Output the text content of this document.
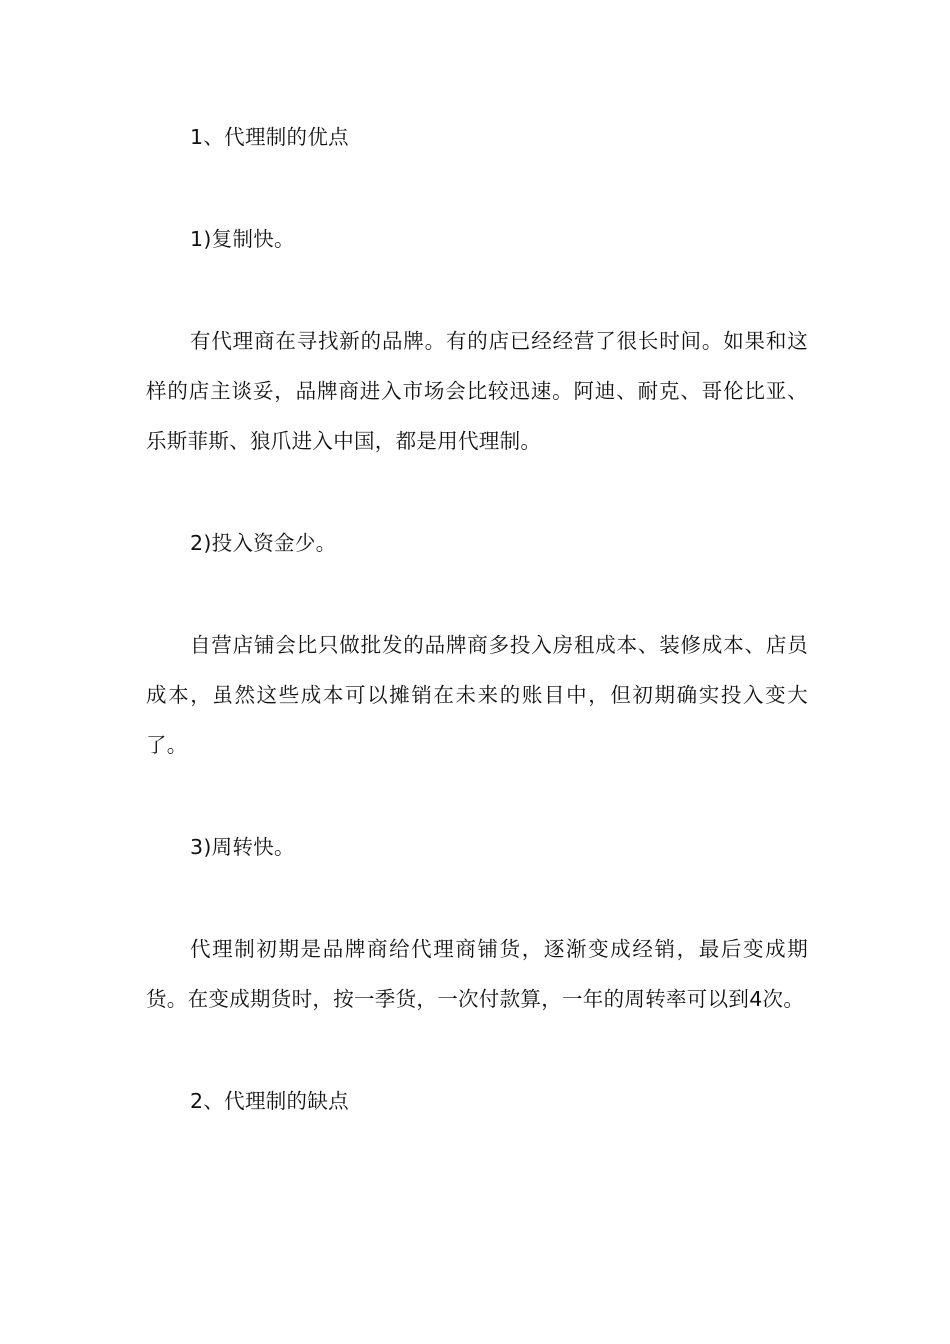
1、代理制的优点

1)复制快。

有代理商在寻找新的品牌。有的店已经经营了很长时间。如果和这样的店主谈妥，品牌商进入市场会比较迅速。阿迪、耐克、哥伦比亚、乐斯菲斯、狼爪进入中国，都是用代理制。

2)投入资金少。

自营店铺会比只做批发的品牌商多投入房租成本、装修成本、店员成本，虽然这些成本可以摊销在未来的账目中，但初期确实投入变大了。

3)周转快。

代理制初期是品牌商给代理商铺货，逐渐变成经销，最后变成期货。在变成期货时，按一季货，一次付款算，一年的周转率可以到4次。

2、代理制的缺点
